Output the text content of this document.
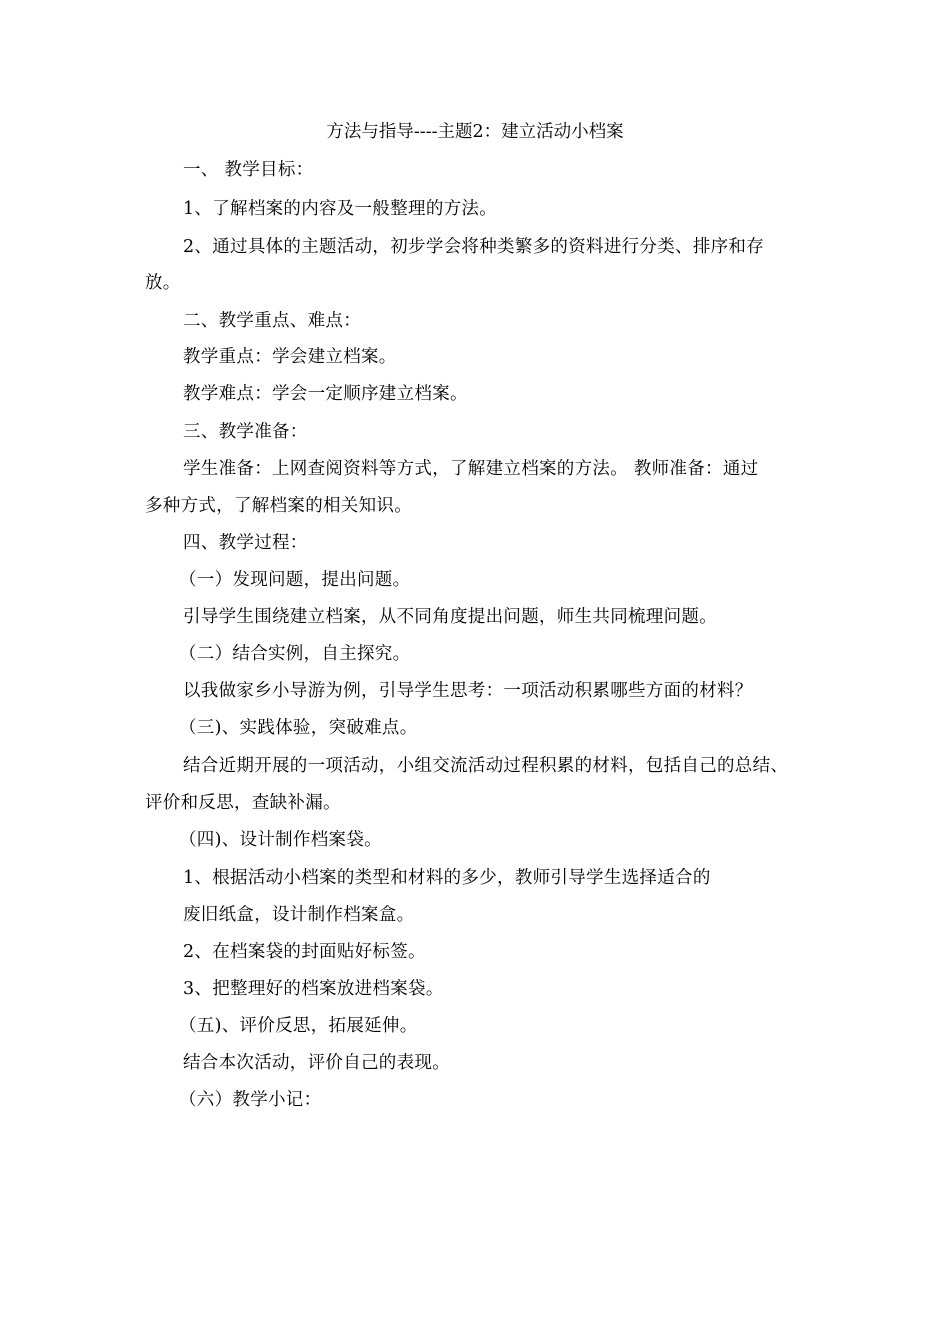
方法与指导----主题2：建立活动小档案
一、 教学目标：
1、了解档案的内容及一般整理的方法。
2、通过具体的主题活动，初步学会将种类繁多的资料进行分类、排序和存
放。
二、教学重点、难点：
教学重点：学会建立档案。
教学难点：学会一定顺序建立档案。
三、教学准备：
学生准备：上网查阅资料等方式，了解建立档案的方法。 教师准备：通过
多种方式，了解档案的相关知识。
四、教学过程：
（一）发现问题，提出问题。
引导学生围绕建立档案，从不同角度提出问题，师生共同梳理问题。
（二）结合实例，自主探究。
以我做家乡小导游为例，引导学生思考：一项活动积累哪些方面的材料？
（三)、实践体验，突破难点。
结合近期开展的一项活动，小组交流活动过程积累的材料，包括自己的总结、
评价和反思，查缺补漏。
（四)、设计制作档案袋。
1、根据活动小档案的类型和材料的多少，教师引导学生选择适合的
废旧纸盒，设计制作档案盒。
2、在档案袋的封面贴好标签。
3、把整理好的档案放进档案袋。
（五)、评价反思，拓展延伸。
结合本次活动，评价自己的表现。
（六）教学小记：
